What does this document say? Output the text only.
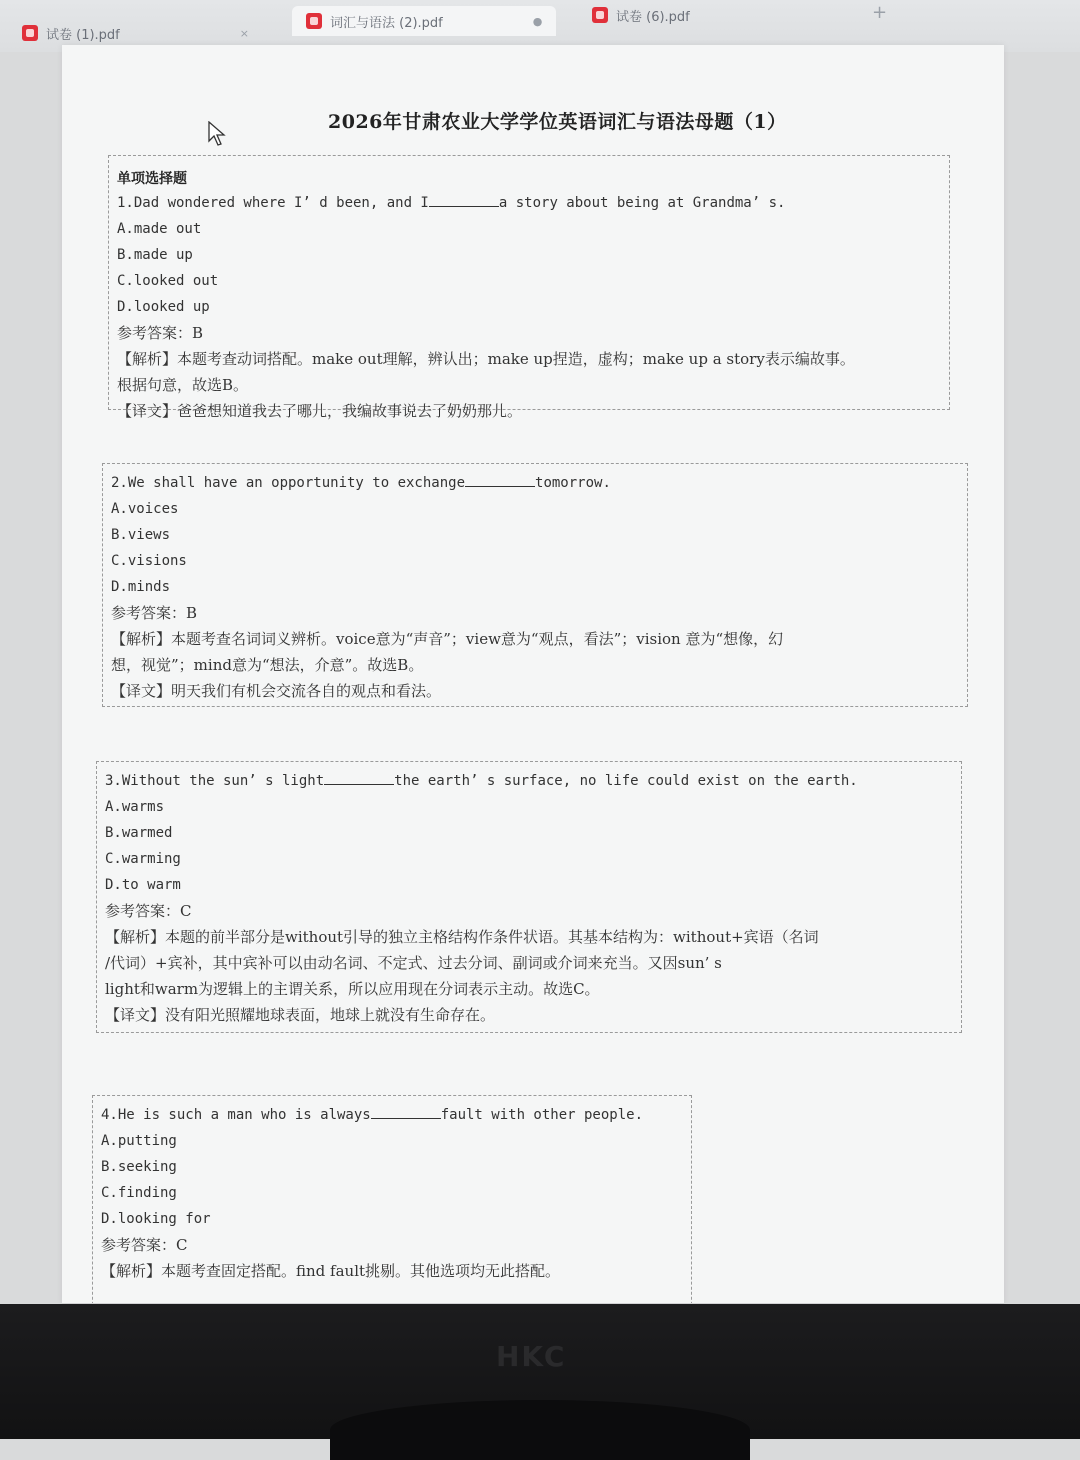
试卷 (1).pdf	×
词汇与语法 (2).pdf	●	试卷 (6).pdf	+
2026年甘肃农业大学学位英语词汇与语法母题（1）
单项选择题
1.Dad wondered where I’ d been, and I	a story about being at Grandma’ s.
A.made out
B.made up
C.looked out
D.looked up
参考答案：B
【解析】本题考查动词搭配。make out理解，辨认出；make up捏造，虚构；make up a story表示编故事。
根据句意，故选B。
【译文】爸爸想知道我去了哪儿，我编故事说去了奶奶那儿。
2.We shall have an opportunity to exchange	tomorrow.
A.voices
B.views
C.visions
D.minds
参考答案：B
【解析】本题考查名词词义辨析。voice意为“声音”；view意为“观点，看法”；vision 意为“想像，幻
想，视觉”；mind意为“想法，介意”。故选B。
【译文】明天我们有机会交流各自的观点和看法。
3.Without the sun’ s light	the earth’ s surface, no life could exist on the earth.
A.warms
B.warmed
C.warming
D.to warm
参考答案：C
【解析】本题的前半部分是without引导的独立主格结构作条件状语。其基本结构为：without+宾语（名词
/代词）+宾补，其中宾补可以由动名词、不定式、过去分词、副词或介词来充当。又因sun’ s
light和warm为逻辑上的主谓关系，所以应用现在分词表示主动。故选C。
【译文】没有阳光照耀地球表面，地球上就没有生命存在。
4.He is such a man who is always	fault with other people.
A.putting
B.seeking
C.finding
D.looking for
参考答案：C
【解析】本题考查固定搭配。find fault挑剔。其他选项均无此搭配。
HKC
